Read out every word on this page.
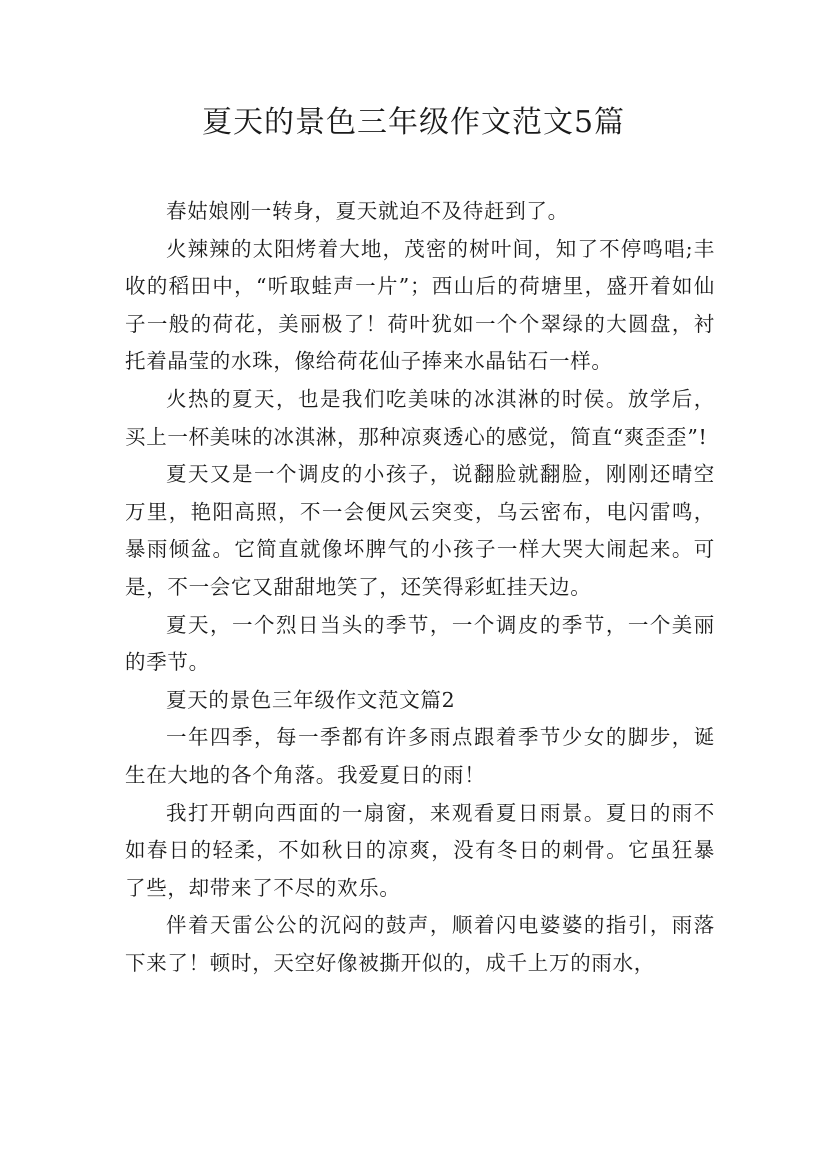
夏天的景色三年级作文范文5篇

春姑娘刚一转身，夏天就迫不及待赶到了。

火辣辣的太阳烤着大地，茂密的树叶间，知了不停鸣唱;丰收的稻田中，“听取蛙声一片”；西山后的荷塘里，盛开着如仙子一般的荷花，美丽极了！荷叶犹如一个个翠绿的大圆盘，衬托着晶莹的水珠，像给荷花仙子捧来水晶钻石一样。

火热的夏天，也是我们吃美味的冰淇淋的时侯。放学后，买上一杯美味的冰淇淋，那种凉爽透心的感觉，简直“爽歪歪”!

夏天又是一个调皮的小孩子，说翻脸就翻脸，刚刚还晴空万里，艳阳高照，不一会便风云突变，乌云密布，电闪雷鸣，暴雨倾盆。它简直就像坏脾气的小孩子一样大哭大闹起来。可是，不一会它又甜甜地笑了，还笑得彩虹挂天边。

夏天，一个烈日当头的季节，一个调皮的季节，一个美丽的季节。

夏天的景色三年级作文范文篇2

一年四季，每一季都有许多雨点跟着季节少女的脚步，诞生在大地的各个角落。我爱夏日的雨！

我打开朝向西面的一扇窗，来观看夏日雨景。夏日的雨不如春日的轻柔，不如秋日的凉爽，没有冬日的刺骨。它虽狂暴了些，却带来了不尽的欢乐。

伴着天雷公公的沉闷的鼓声，顺着闪电婆婆的指引，雨落下来了！顿时，天空好像被撕开似的，成千上万的雨水，
